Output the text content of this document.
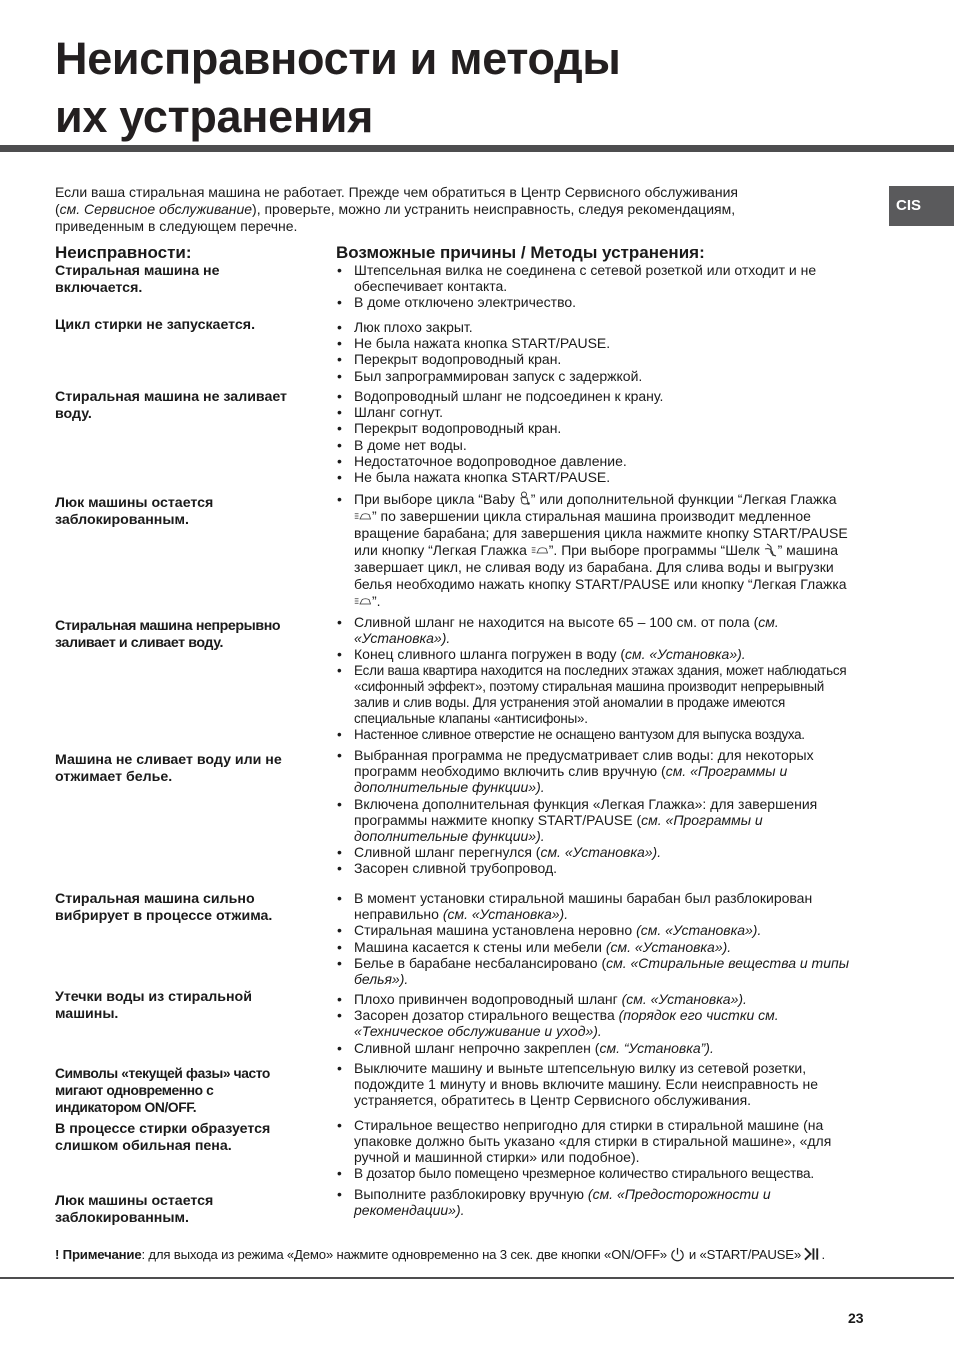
Неисправности и методы
их устранения
CIS

Если ваша стиральная машина не работает. Прежде чем обратиться в Центр Сервисного обслуживания
(см. Сервисное обслуживание), проверьте, можно ли устранить неисправность, следуя рекомендациям,
приведенным в следующем перечне.

Неисправности:	Возможные причины / Методы устранения:

Стиральная машина не включается.

• Штепсельная вилка не соединена с сетевой розеткой или отходит и не обеспечивает контакта.
• В доме отключено электричество.

Цикл стирки не запускается.

•	Люк плохо закрыт.
• Не была нажата кнопка START/PAUSE.
• Перекрыт водопроводный кран.
• Был запрограммирован запуск с задержкой.

Стиральная машина не заливает воду.

• Водопроводный шланг не подсоединен к крану.
• Шланг согнут.
• Перекрыт водопроводный кран.
• В доме нет воды.
• Недостаточное водопроводное давление.
• Не была нажата кнопка START/PAUSE.

Люк машины остается заблокированным.

• При выборе цикла “Baby ” или дополнительной функции “Легкая Глажка ” по завершении цикла стиральная машина производит медленное вращение барабана; для завершения цикла нажмите кнопку START/PAUSE или кнопку “Легкая Глажка ”. При выборе программы “Шелк ” машина завершает цикл, не сливая воду из барабана. Для слива воды и выгрузки белья необходимо нажать кнопку START/PAUSE или кнопку “Легкая Глажка ”.

Стиральная машина непрерывно заливает и сливает воду.

• Сливной шланг не находится на высоте 65 – 100 см. от пола (см. «Установка»).
• Конец сливного шланга погружен в воду (см. «Установка»).
• Если ваша квартира находится на последних этажах здания, может наблюдаться «сифонный эффект», поэтому стиральная машина производит непрерывный залив и слив воды. Для устранения этой аномалии в продаже имеются специальные клапаны «антисифоны».
• Настенное сливное отверстие не оснащено вантузом для выпуска воздуха.

Машина не сливает воду или не отжимает белье.

• Выбранная программа не предусматривает слив воды: для некоторых программ необходимо включить слив вручную (см. «Программы и дополнительные функции»).
• Включена дополнительная функция «Легкая Глажка»: для завершения программы нажмите кнопку START/PAUSE (см. «Программы и дополнительные функции»).
• Сливной шланг перегнулся (см. «Установка»).
• Засорен сливной трубопровод.

Стиральная машина сильно вибрирует в процессе отжима.

• В момент установки стиральной машины барабан был разблокирован неправильно (см. «Установка»).
• Стиральная машина установлена неровно (см. «Установка»).
• Машина касается к стены или мебели (см. «Установка»).
• Белье в барабане несбалансировано (см. «Стиральные вещества и типы белья»).

Утечки воды из стиральной машины.

• Плохо привинчен водопроводный шланг (см. «Установка»).
• Засорен дозатор стирального вещества (порядок его чистки см. «Техническое обслуживание и уход»).
• Сливной шланг непрочно закреплен (см. “Установка”).

Символы «текущей фазы» часто мигают одновременно с индикатором ON/OFF.

• Выключите машину и выньте штепсельную вилку из сетевой розетки, подождите 1 минуту и вновь включите машину. Если неисправность не устраняется, обратитесь в Центр Сервисного обслуживания.

В процессе стирки образуется слишком обильная пена.

• Стиральное вещество непригодно для стирки в стиральной машине (на упаковке должно быть указано «для стирки в стиральной машине», «для ручной и машинной стирки» или подобное).
• В дозатор было помещено чрезмерное количество стирального вещества.

Люк машины остается заблокированным.

• Выполните разблокировку вручную (см. «Предосторожности и рекомендации»).

! Примечание: для выхода из режима «Демо» нажмите одновременно на 3 сек. две кнопки «ON/OFF»  и «START/PAUSE» .

23
